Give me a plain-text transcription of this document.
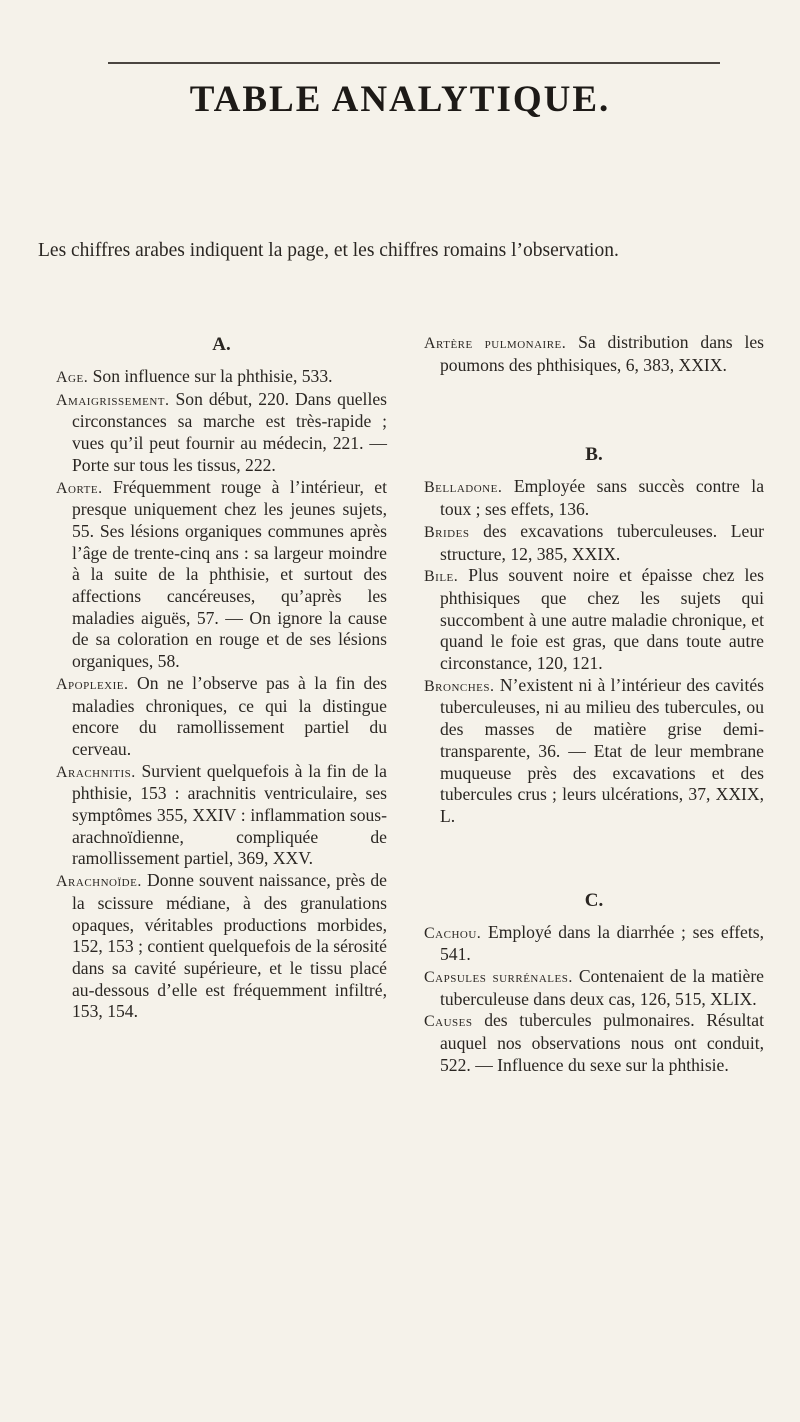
TABLE ANALYTIQUE.
Les chiffres arabes indiquent la page, et les chiffres romains l’observation.
A.
Age. Son influence sur la phthisie, 533.
Amaigrissement. Son début, 220. Dans quelles circonstances sa marche est très-rapide ; vues qu’il peut fournir au médecin, 221. — Porte sur tous les tissus, 222.
Aorte. Fréquemment rouge à l’intérieur, et presque uniquement chez les jeunes sujets, 55. Ses lésions organiques communes après l’âge de trente-cinq ans : sa largeur moindre à la suite de la phthisie, et surtout des affections cancéreuses, qu’après les maladies aiguës, 57. — On ignore la cause de sa coloration en rouge et de ses lésions organiques, 58.
Apoplexie. On ne l’observe pas à la fin des maladies chroniques, ce qui la distingue encore du ramollissement partiel du cerveau.
Arachnitis. Survient quelquefois à la fin de la phthisie, 153 : arachnitis ventriculaire, ses symptômes 355, XXIV : inflammation sous-arachnoïdienne, compliquée de ramollissement partiel, 369, XXV.
Arachnoïde. Donne souvent naissance, près de la scissure médiane, à des granulations opaques, véritables productions morbides, 152, 153 ; contient quelquefois de la sérosité dans sa cavité supérieure, et le tissu placé au-dessous d’elle est fréquemment infiltré, 153, 154.
Artère pulmonaire. Sa distribution dans les poumons des phthisiques, 6, 383, XXIX.
B.
Belladone. Employée sans succès contre la toux ; ses effets, 136.
Brides des excavations tuberculeuses. Leur structure, 12, 385, XXIX.
Bile. Plus souvent noire et épaisse chez les phthisiques que chez les sujets qui succombent à une autre maladie chronique, et quand le foie est gras, que dans toute autre circonstance, 120, 121.
Bronches. N’existent ni à l’intérieur des cavités tuberculeuses, ni au milieu des tubercules, ou des masses de matière grise demi-transparente, 36. — Etat de leur membrane muqueuse près des excavations et des tubercules crus ; leurs ulcérations, 37, XXIX, L.
C.
Cachou. Employé dans la diarrhée ; ses effets, 541.
Capsules surrénales. Contenaient de la matière tuberculeuse dans deux cas, 126, 515, XLIX.
Causes des tubercules pulmonaires. Résultat auquel nos observations nous ont conduit, 522. — Influence du sexe sur la phthisie.
